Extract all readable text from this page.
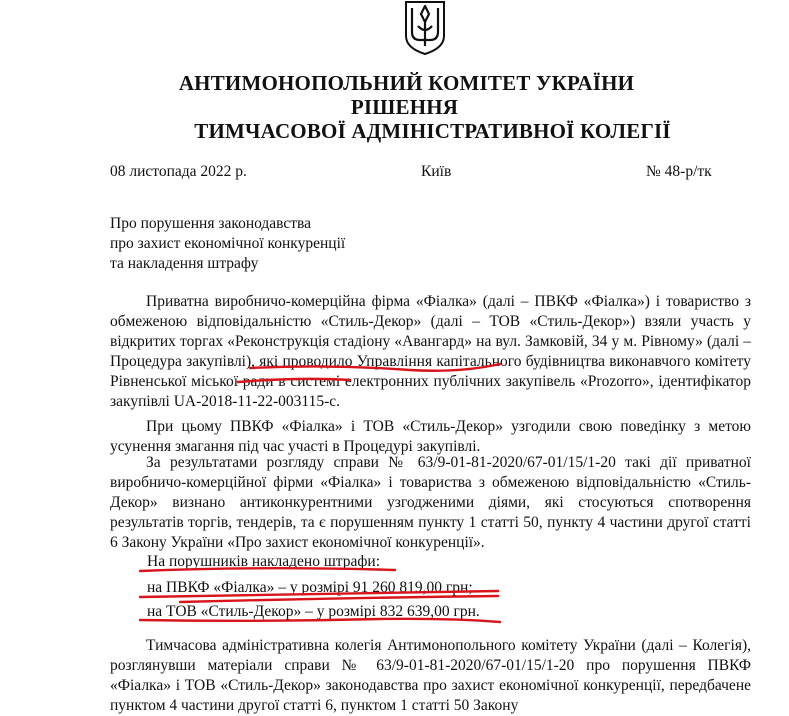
АНТИМОНОПОЛЬНИЙ КОМІТЕТ УКРАЇНИ
РІШЕННЯ
ТИМЧАСОВОЇ АДМІНІСТРАТИВНОЇ КОЛЕГІЇ
08 листопада 2022 р.	Київ	№ 48-р/тк
Про порушення законодавства
про захист економічної конкуренції
та накладення штрафу
Приватна виробничо-комерційна фірма «Фіалка» (далі – ПВКФ «Фіалка») і товариство з обмеженою відповідальністю «Стиль-Декор» (далі – ТОВ «Стиль-Декор») взяли участь у відкритих торгах «Реконструкція стадіону «Авангард» на вул. Замковій, 34 у м. Рівному» (далі – Процедура закупівлі), які проводило Управління капітального будівництва виконавчого комітету Рівненської міської ради в системі електронних публічних закупівель «Prozorro», ідентифікатор закупівлі UA-2018-11-22-003115-c.
При цьому ПВКФ «Фіалка» і ТОВ «Стиль-Декор» узгодили свою поведінку з метою усунення змагання під час участі в Процедурі закупівлі.
За результатами розгляду справи № 63/9-01-81-2020/67-01/15/1-20 такі дії приватної виробничо-комерційної фірми «Фіалка» і товариства з обмеженою відповідальністю «Стиль-Декор» визнано антиконкурентними узгодженими діями, які стосуються спотворення результатів торгів, тендерів, та є порушенням пункту 1 статті 50, пункту 4 частини другої статті 6 Закону України «Про захист економічної конкуренції».
На порушників накладено штрафи:
на ПВКФ «Фіалка» – у розмірі 91 260 819,00 грн;
на ТОВ «Стиль-Декор» – у розмірі 832 639,00 грн.
Тимчасова адміністративна колегія Антимонопольного комітету України (далі – Колегія), розглянувши матеріали справи № 63/9-01-81-2020/67-01/15/1-20 про порушення ПВКФ «Фіалка» і ТОВ «Стиль-Декор» законодавства про захист економічної конкуренції, передбачене пунктом 4 частини другої статті 6, пунктом 1 статті 50 Закону
